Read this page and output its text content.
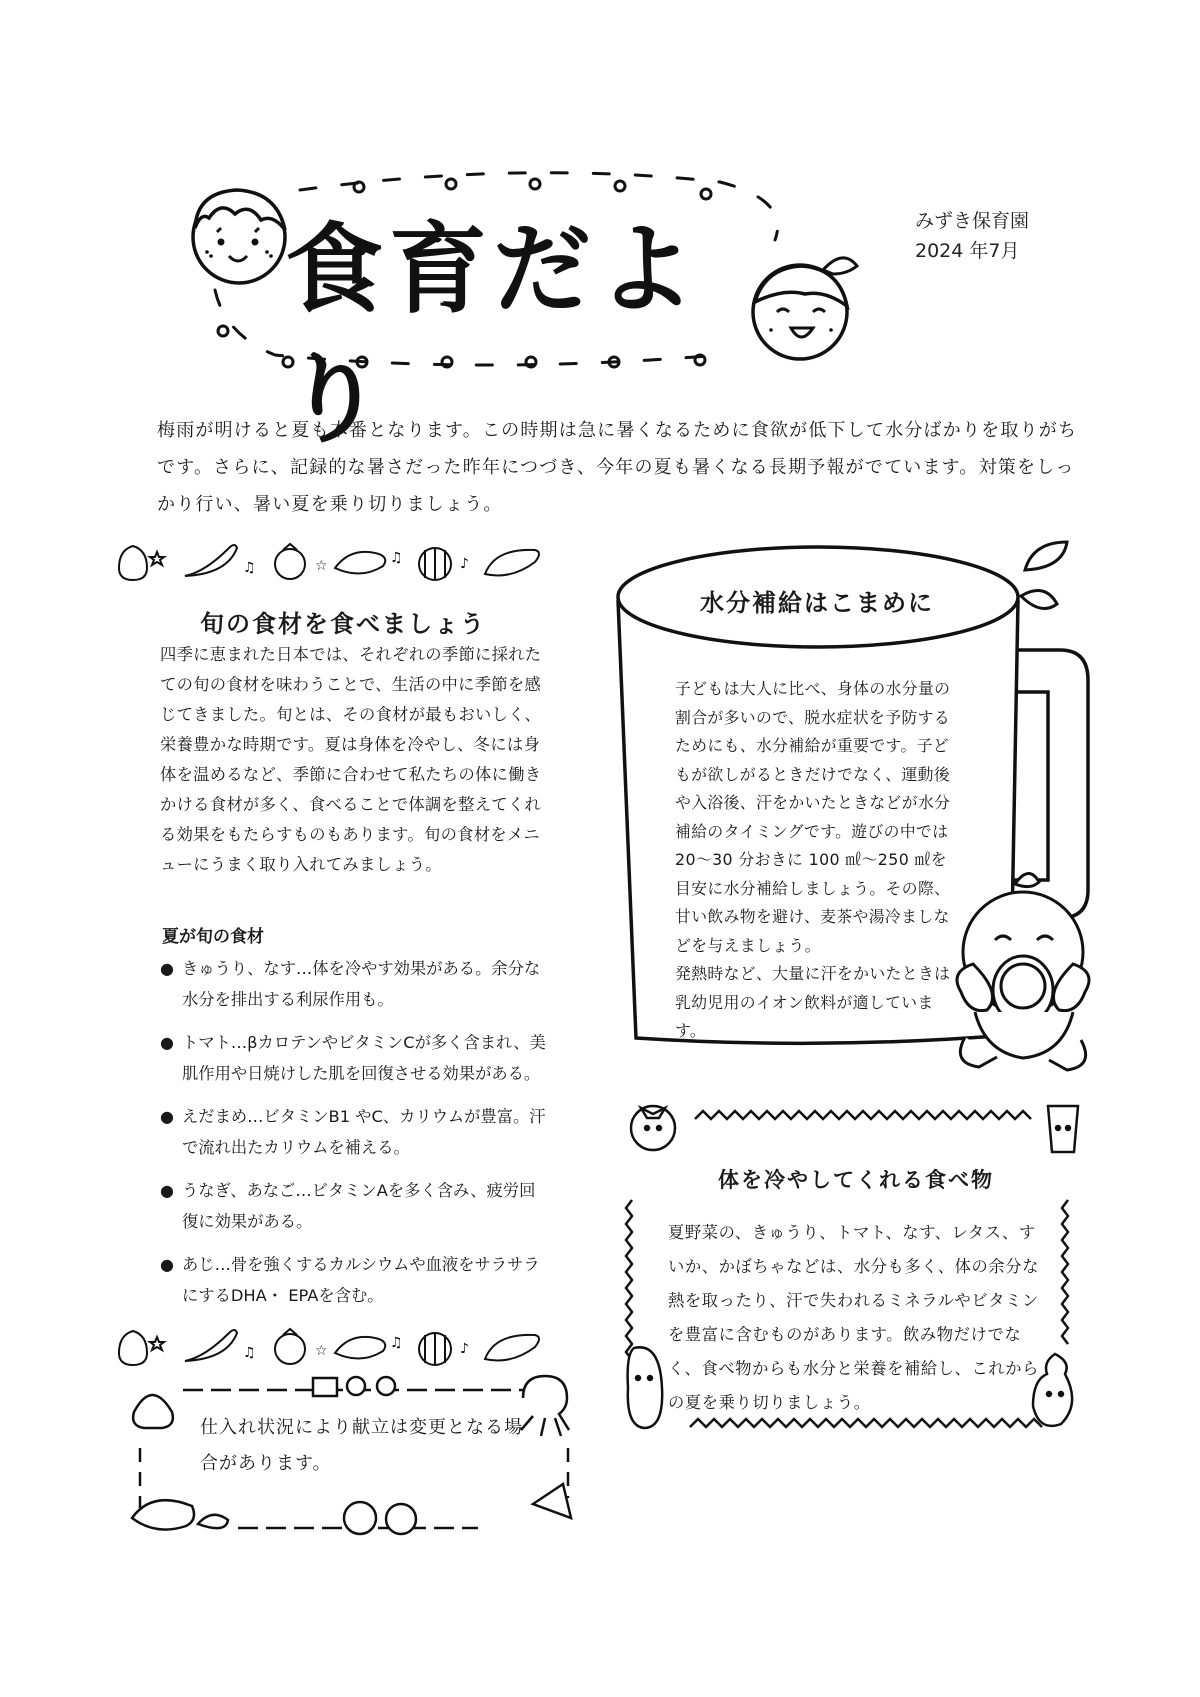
食育だより
みずき保育園
2024 年7月
梅雨が明けると夏も本番となります。この時期は急に暑くなるために食欲が低下して水分ばかりを取りがちです。さらに、記録的な暑さだった昨年につづき、今年の夏も暑くなる長期予報がでています。対策をしっかり行い、暑い夏を乗り切りましょう。
♫	☆	♫	♪
♫	☆	♫	♪
旬の食材を食べましょう
四季に恵まれた日本では、それぞれの季節に採れたての旬の食材を味わうことで、生活の中に季節を感じてきました。旬とは、その食材が最もおいしく、栄養豊かな時期です。夏は身体を冷やし、冬には身体を温めるなど、季節に合わせて私たちの体に働きかける食材が多く、食べることで体調を整えてくれる効果をもたらすものもあります。旬の食材をメニューにうまく取り入れてみましょう。
夏が旬の食材
● きゅうり、なす…体を冷やす効果がある。余分な水分を排出する利尿作用も。
● トマト…βカロテンやビタミンCが多く含まれ、美肌作用や日焼けした肌を回復させる効果がある。
● えだまめ…ビタミンB1 やC、カリウムが豊富。汗で流れ出たカリウムを補える。
● うなぎ、あなご…ビタミンAを多く含み、疲労回復に効果がある。
● あじ…骨を強くするカルシウムや血液をサラサラにするDHA・ EPAを含む。
仕入れ状況により献立は変更となる場合があります。
水分補給はこまめに
子どもは大人に比べ、身体の水分量の割合が多いので、脱水症状を予防するためにも、水分補給が重要です。子どもが欲しがるときだけでなく、運動後や入浴後、汗をかいたときなどが水分補給のタイミングです。遊びの中では 20～30 分おきに 100 ㎖～250 ㎖を目安に水分補給しましょう。その際、甘い飲み物を避け、麦茶や湯冷ましなどを与えましょう。
発熱時など、大量に汗をかいたときは乳幼児用のイオン飲料が適しています。
体を冷やしてくれる食べ物
夏野菜の、きゅうり、トマト、なす、レタス、すいか、かぼちゃなどは、水分も多く、体の余分な熱を取ったり、汗で失われるミネラルやビタミンを豊富に含むものがあります。飲み物だけでなく、食べ物からも水分と栄養を補給し、これからの夏を乗り切りましょう。
